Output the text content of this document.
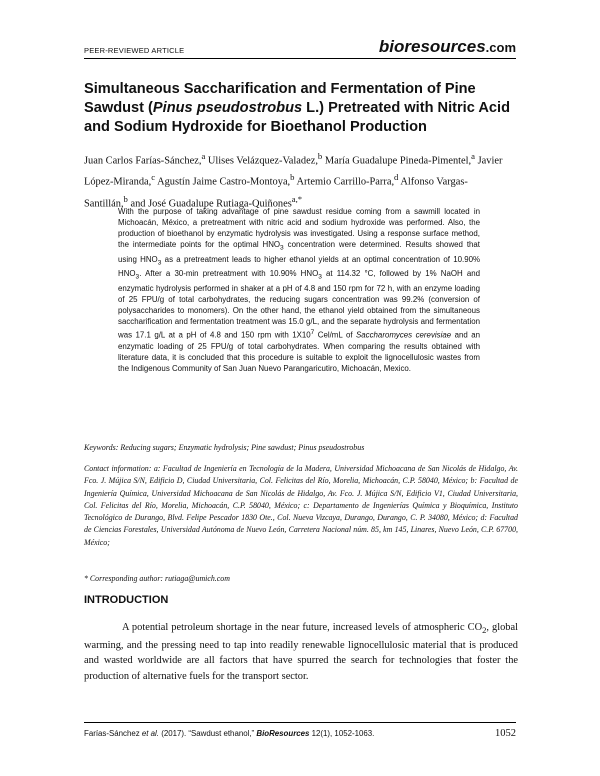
PEER-REVIEWED ARTICLE	bioresources.com
Simultaneous Saccharification and Fermentation of Pine Sawdust (Pinus pseudostrobus L.) Pretreated with Nitric Acid and Sodium Hydroxide for Bioethanol Production

Juan Carlos Farías-Sánchez,$^a$ Ulises Velázquez-Valadez,$^b$ María Guadalupe Pineda-Pimentel,$^a$ Javier López-Miranda,$^c$ Agustín Jaime Castro-Montoya,$^b$ Artemio Carrillo-Parra,$^d$ Alfonso Vargas-Santillán,$^b$ and José Guadalupe Rutiaga-Quiñones$^{a,*}$

With the purpose of taking advantage of pine sawdust residue coming from a sawmill located in Michoacán, México, a pretreatment with nitric acid and sodium hydroxide was performed. Also, the production of bioethanol by enzymatic hydrolysis was investigated. Using a response surface method, the intermediate points for the optimal $HNO_3$ concentration were determined. Results showed that using $HNO_3$ as a pretreatment leads to higher ethanol yields at an optimal concentration of 10.90% $HNO_3$. After a 30-min pretreatment with 10.90% $HNO_3$ at 114.32 °C, followed by 1% NaOH and enzymatic hydrolysis performed in shaker at a pH of 4.8 and 150 rpm for 72 h, with an enzyme loading of 25 FPU/g of total carbohydrates, the reducing sugars concentration was 99.2% (conversion of polysaccharides to monomers). On the other hand, the ethanol yield obtained from the simultaneous saccharification and fermentation treatment was 15.0 g/L, and the separate hydrolysis and fermentation was 17.1 g/L at a pH of 4.8 and 150 rpm with $1X10^7$ Cel/mL of Saccharomyces cerevisiae and an enzymatic loading of 25 FPU/g of total carbohydrates. When comparing the results obtained with literature data, it is concluded that this procedure is suitable to exploit the lignocellulosic wastes from the Indigenous Community of San Juan Nuevo Parangaricutiro, Michoacán, Mexico.

Keywords: Reducing sugars; Enzymatic hydrolysis; Pine sawdust; Pinus pseudostrobus

Contact information: a: Facultad de Ingeniería en Tecnología de la Madera, Universidad Michoacana de San Nicolás de Hidalgo, Av. Fco. J. Mújica S/N, Edificio D, Ciudad Universitaria, Col. Felicitas del Río, Morelia, Michoacán, C.P. 58040, México; b: Facultad de Ingeniería Química, Universidad Michoacana de San Nicolás de Hidalgo, Av. Fco. J. Mújica S/N, Edificio V1, Ciudad Universitaria, Col. Felicitas del Río, Morelia, Michoacán, C.P. 58040, México; c: Departamento de Ingenierías Química y Bioquímica, Instituto Tecnológico de Durango, Blvd. Felipe Pescador 1830 Ote., Col. Nueva Vizcaya, Durango, Durango, C. P. 34080, México; d: Facultad de Ciencias Forestales, Universidad Autónoma de Nuevo León, Carretera Nacional núm. 85, km 145, Linares, Nuevo León, C.P. 67700, México;

* Corresponding author: rutiaga@umich.com

INTRODUCTION

A potential petroleum shortage in the near future, increased levels of atmospheric $CO_2$, global warming, and the pressing need to tap into readily renewable lignocellulosic material that is produced and wasted worldwide are all factors that have spurred the search for technologies that foster the production of alternative fuels for the transport sector.

Farías-Sánchez et al. (2017). “Sawdust ethanol,” BioResources 12(1), 1052-1063.	1052
